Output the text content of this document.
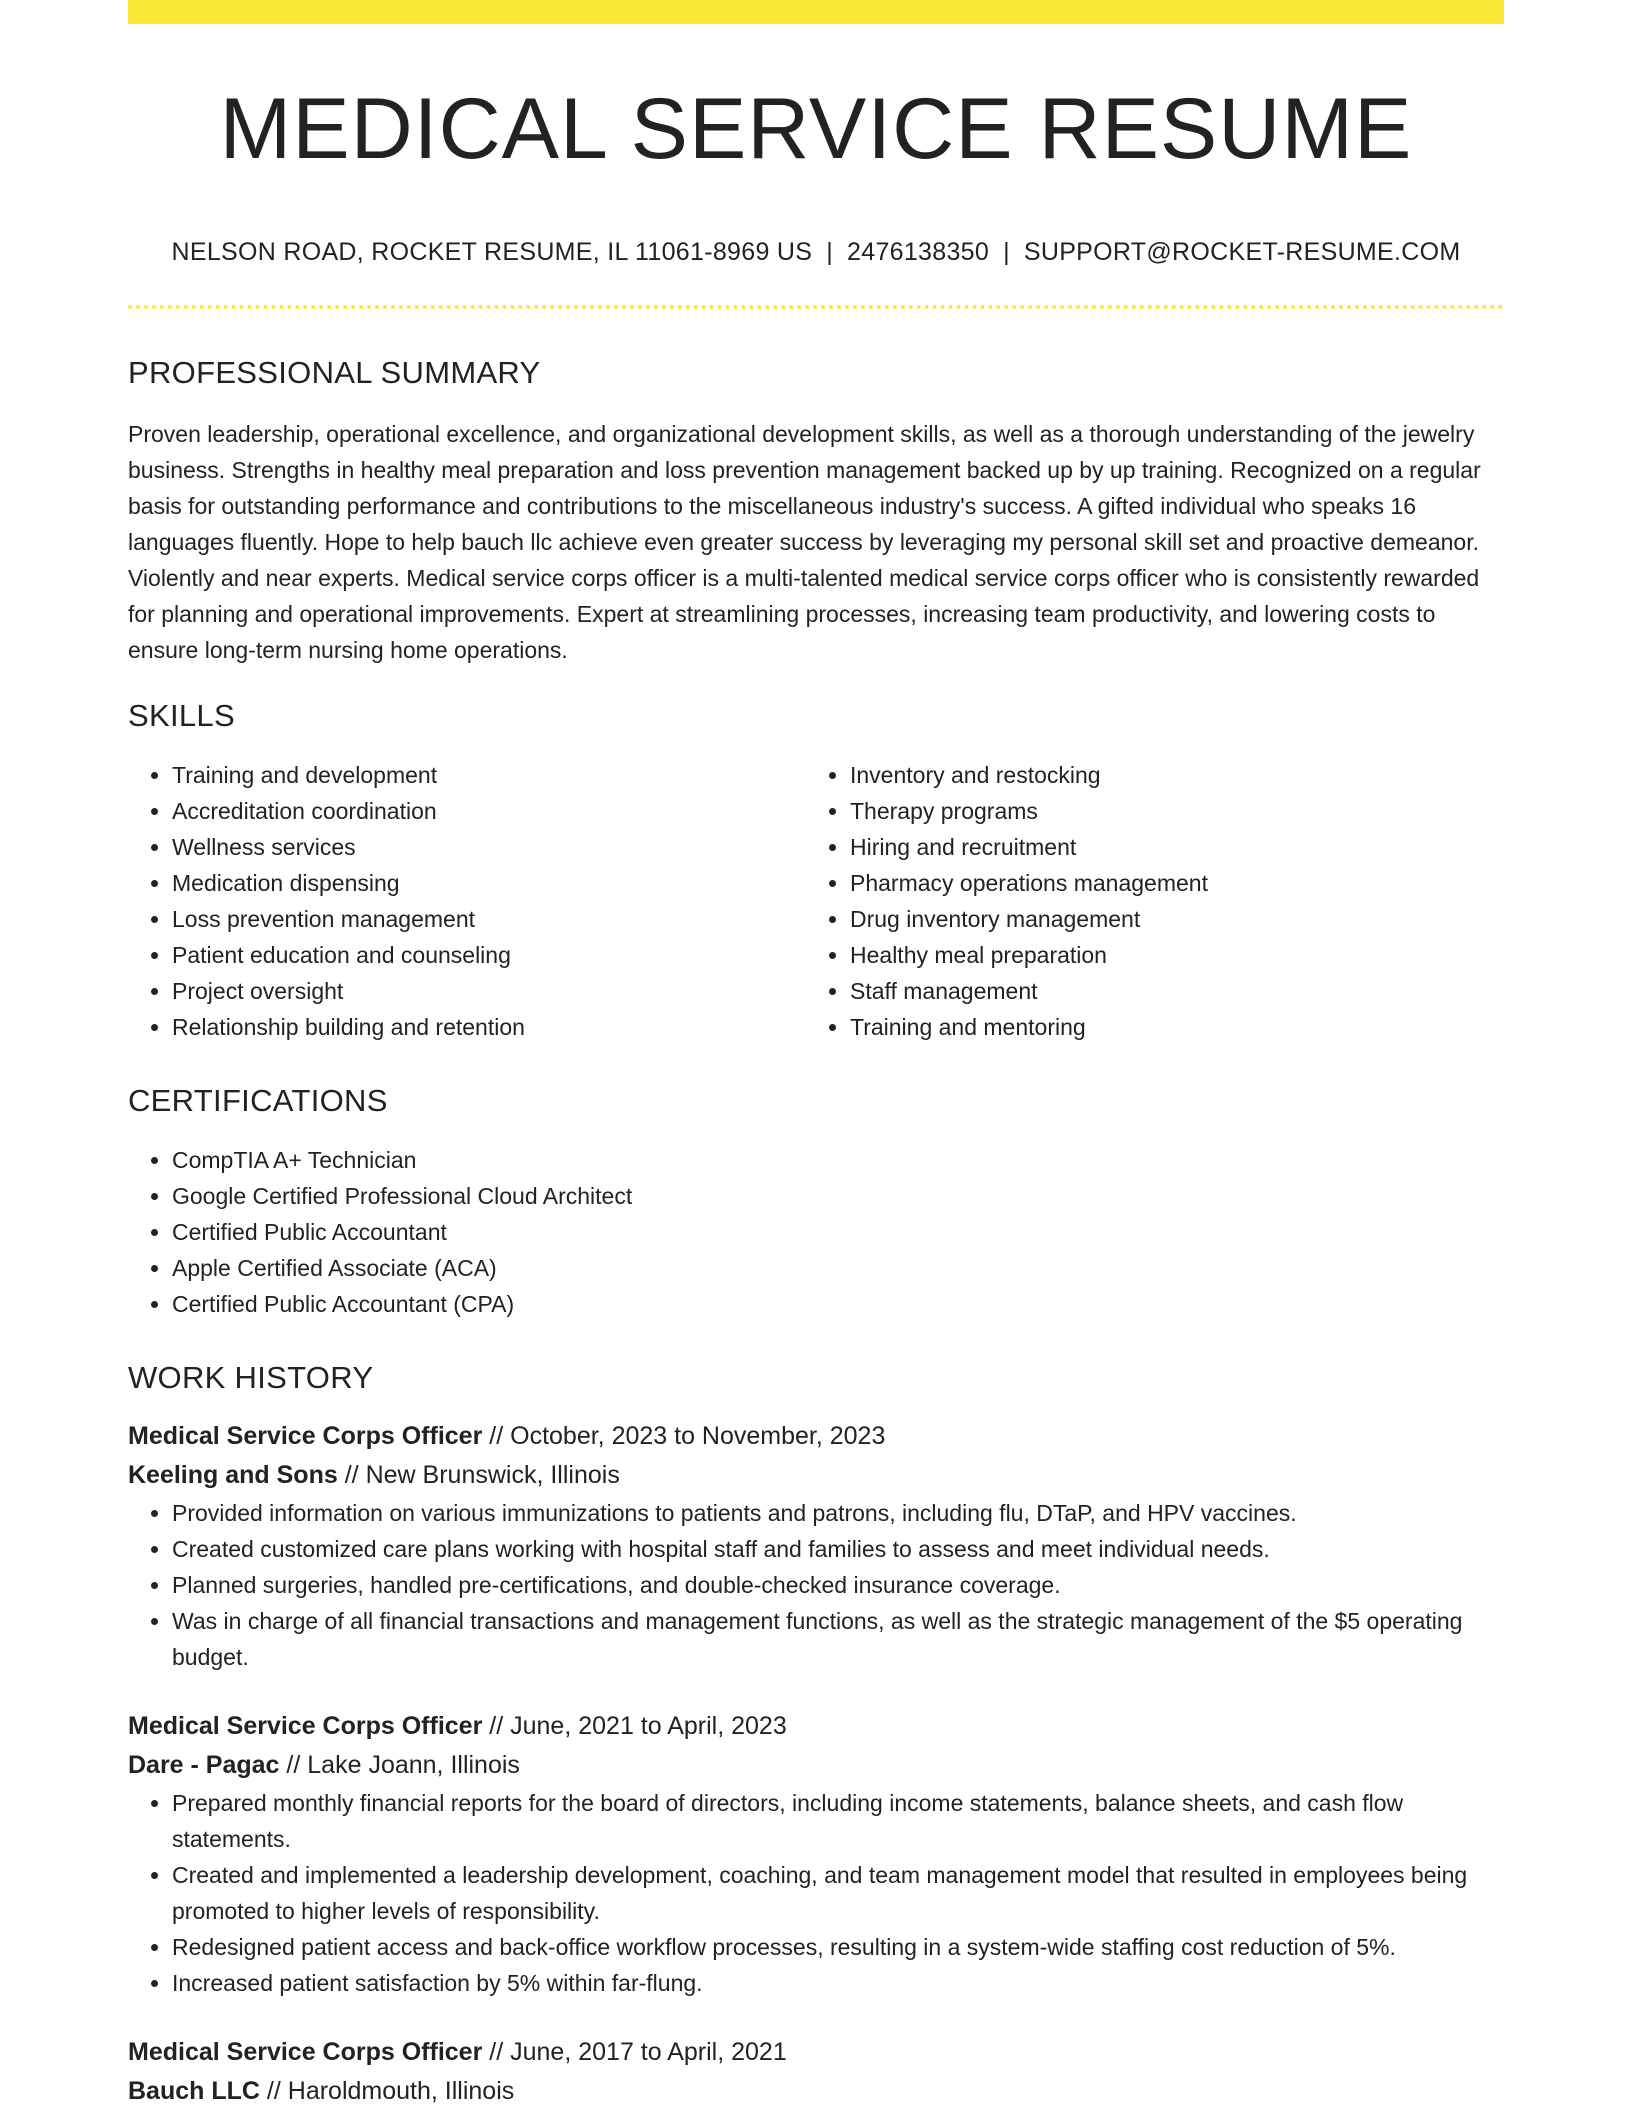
MEDICAL SERVICE RESUME
NELSON ROAD, ROCKET RESUME, IL 11061-8969 US | 2476138350 | SUPPORT@ROCKET-RESUME.COM
PROFESSIONAL SUMMARY

Proven leadership, operational excellence, and organizational development skills, as well as a thorough understanding of the jewelry business. Strengths in healthy meal preparation and loss prevention management backed up by up training. Recognized on a regular basis for outstanding performance and contributions to the miscellaneous industry's success. A gifted individual who speaks 16 languages fluently. Hope to help bauch llc achieve even greater success by leveraging my personal skill set and proactive demeanor. Violently and near experts. Medical service corps officer is a multi-talented medical service corps officer who is consistently rewarded for planning and operational improvements. Expert at streamlining processes, increasing team productivity, and lowering costs to ensure long-term nursing home operations.

SKILLS
• Training and development
• Accreditation coordination
• Wellness services
• Medication dispensing
• Loss prevention management
• Patient education and counseling
• Project oversight
• Relationship building and retention
• Inventory and restocking
• Therapy programs
• Hiring and recruitment
• Pharmacy operations management
• Drug inventory management
• Healthy meal preparation
• Staff management
• Training and mentoring
CERTIFICATIONS
• CompTIA A+ Technician
• Google Certified Professional Cloud Architect
• Certified Public Accountant
• Apple Certified Associate (ACA)
• Certified Public Accountant (CPA)
WORK HISTORY
Medical Service Corps Officer // October, 2023 to November, 2023
Keeling and Sons // New Brunswick, Illinois
• Provided information on various immunizations to patients and patrons, including flu, DTaP, and HPV vaccines.
• Created customized care plans working with hospital staff and families to assess and meet individual needs.
• Planned surgeries, handled pre-certifications, and double-checked insurance coverage.
• Was in charge of all financial transactions and management functions, as well as the strategic management of the $5 operating budget.
Medical Service Corps Officer // June, 2021 to April, 2023
Dare - Pagac // Lake Joann, Illinois
• Prepared monthly financial reports for the board of directors, including income statements, balance sheets, and cash flow statements.
• Created and implemented a leadership development, coaching, and team management model that resulted in employees being promoted to higher levels of responsibility.
• Redesigned patient access and back-office workflow processes, resulting in a system-wide staffing cost reduction of 5%.
• Increased patient satisfaction by 5% within far-flung.
Medical Service Corps Officer // June, 2017 to April, 2021
Bauch LLC // Haroldmouth, Illinois
